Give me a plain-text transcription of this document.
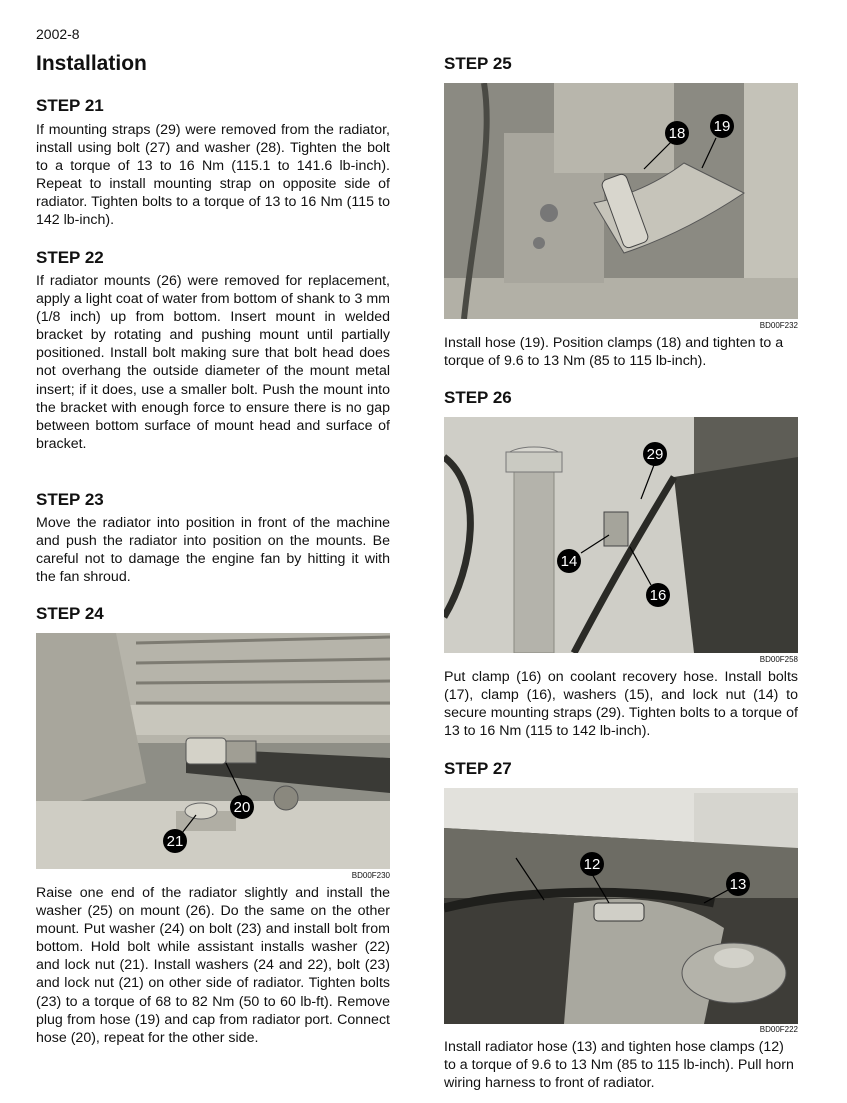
2002-8
Installation
STEP 21
If mounting straps (29) were removed from the radiator, install using bolt (27) and washer (28). Tighten the bolt to a torque of 13 to 16 Nm (115.1 to 141.6 lb-inch). Repeat to install mounting strap on opposite side of radiator. Tighten bolts to a torque of 13 to 16 Nm (115 to 142 lb-inch).
STEP 22
If radiator mounts (26) were removed for replacement, apply a light coat of water from bottom of shank to 3 mm (1/8 inch) up from bottom. Insert mount in welded bracket by rotating and pushing mount until partially positioned. Install bolt making sure that bolt head does not overhang the outside diameter of the mount metal insert; if it does, use a smaller bolt. Push the mount into the bracket with enough force to ensure there is no gap between bottom surface of mount head and surface of bracket.
STEP 23
Move the radiator into position in front of the machine and push the radiator into position on the mounts. Be careful not to damage the engine fan by hitting it with the fan shroud.
STEP 24
20
21
BD00F230
Raise one end of the radiator slightly and install the washer (25) on mount (26). Do the same on the other mount. Put washer (24) on bolt (23) and install bolt from bottom. Hold bolt while assistant installs washer (22) and lock nut (21). Install washers (24 and 22), bolt (23) and lock nut (21) on other side of radiator. Tighten bolts (23) to a torque of 68 to 82 Nm (50 to 60 lb-ft). Remove plug from hose (19) and cap from radiator port. Connect hose (20), repeat for the other side.
STEP 25
18 19
BD00F232
Install hose (19). Position clamps (18) and tighten to a torque of 9.6 to 13 Nm (85 to 115 lb-inch).
STEP 26
29
14
16
BD00F258
Put clamp (16) on coolant recovery hose. Install bolts (17), clamp (16), washers (15), and lock nut (14) to secure mounting straps (29). Tighten bolts to a torque of 13 to 16 Nm (115 to 142 lb-inch).
STEP 27
12
13
BD00F222
Install radiator hose (13) and tighten hose clamps (12) to a torque of 9.6 to 13 Nm (85 to 115 lb-inch). Pull horn wiring harness to front of radiator.
